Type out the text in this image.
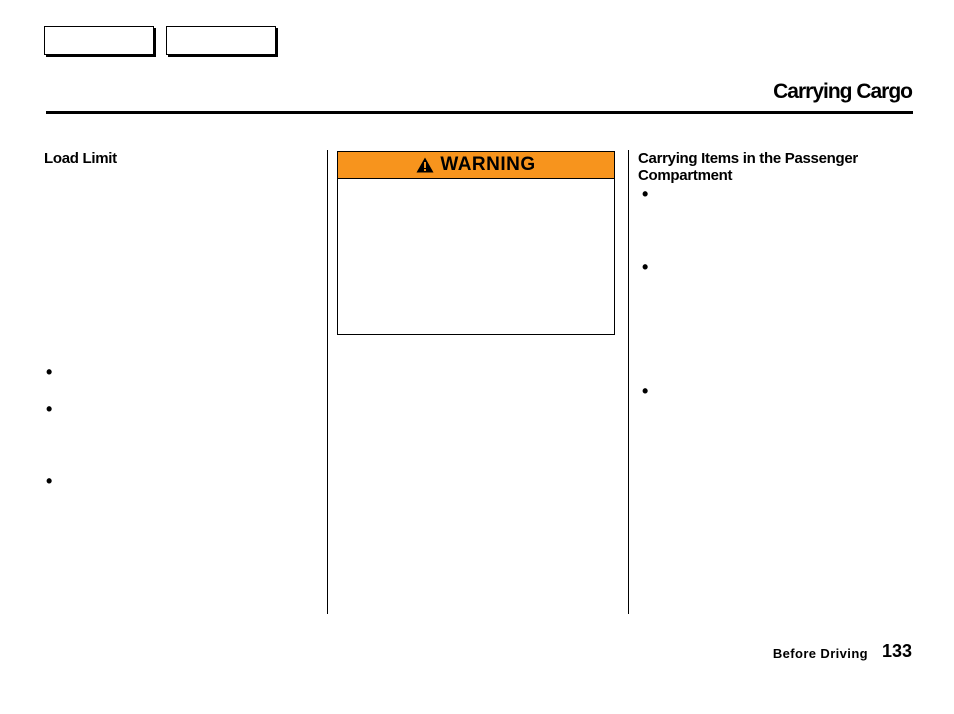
Carrying Cargo
Load Limit
•
•
•
WARNING	Carrying Items in the Passenger
Compartment
•
•
•
Before Driving 133
